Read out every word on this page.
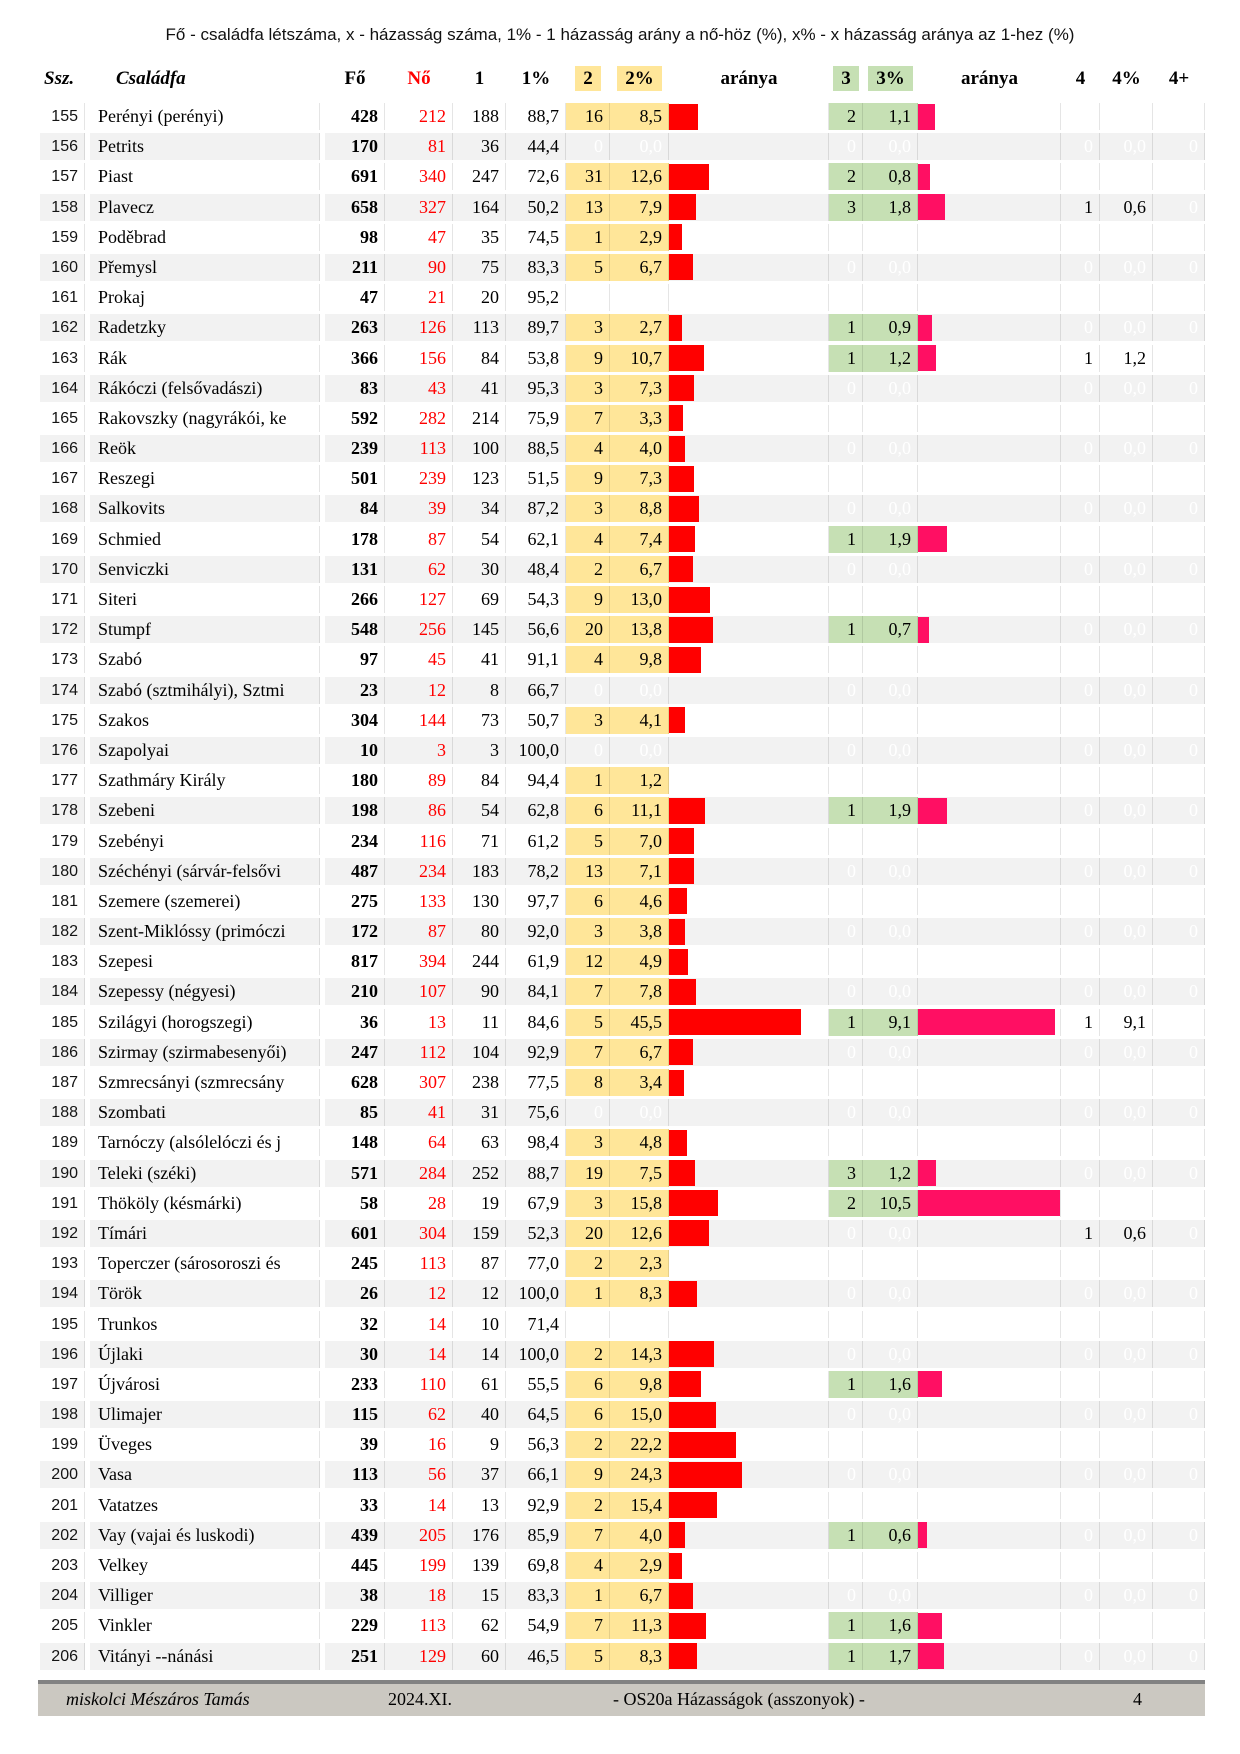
Fő - családfa létszáma, x - házasság száma, 1% - 1 házasság arány a nő-höz (%), x% - x házasság aránya az 1-hez (%)
Ssz.	Családfa	Fő	Nő	1	1%	2	2%	aránya	3	3%	aránya	4	4%	4+
155	Perényi (perényi)	428	212	188	88,7	16	8,5	2	1,1
156	Petrits	170	81	36	44,4	0	0,0	0	0,0	0	0,0	0
157	Piast	691	340	247	72,6	31	12,6	2	0,8
158	Plavecz	658	327	164	50,2	13	7,9	3	1,8	1	0,6	0
159	Poděbrad	98	47	35	74,5	1	2,9
160	Přemysl	211	90	75	83,3	5	6,7	0	0,0	0	0,0	0
161	Prokaj	47	21	20	95,2
162	Radetzky	263	126	113	89,7	3	2,7	1	0,9	0	0,0	0
163	Rák	366	156	84	53,8	9	10,7	1	1,2	1	1,2
164	Rákóczi (felsővadászi)	83	43	41	95,3	3	7,3	0	0,0	0	0,0	0
165	Rakovszky (nagyrákói, ke	592	282	214	75,9	7	3,3
166	Reök	239	113	100	88,5	4	4,0	0	0,0	0	0,0	0
167	Reszegi	501	239	123	51,5	9	7,3
168	Salkovits	84	39	34	87,2	3	8,8	0	0,0	0	0,0	0
169	Schmied	178	87	54	62,1	4	7,4	1	1,9
170	Senviczki	131	62	30	48,4	2	6,7	0	0,0	0	0,0	0
171	Siteri	266	127	69	54,3	9	13,0
172	Stumpf	548	256	145	56,6	20	13,8	1	0,7	0	0,0	0
173	Szabó	97	45	41	91,1	4	9,8
174	Szabó (sztmihályi), Sztmi	23	12	8	66,7	0	0,0	0	0,0	0	0,0	0
175	Szakos	304	144	73	50,7	3	4,1
176	Szapolyai	10	3	3	100,0	0	0,0	0	0,0	0	0,0	0
177	Szathmáry Király	180	89	84	94,4	1	1,2
178	Szebeni	198	86	54	62,8	6	11,1	1	1,9	0	0,0	0
179	Szebényi	234	116	71	61,2	5	7,0
180	Széchényi (sárvár-felsővi	487	234	183	78,2	13	7,1	0	0,0	0	0,0	0
181	Szemere (szemerei)	275	133	130	97,7	6	4,6
182	Szent-Miklóssy (primóczi	172	87	80	92,0	3	3,8	0	0,0	0	0,0	0
183	Szepesi	817	394	244	61,9	12	4,9
184	Szepessy (négyesi)	210	107	90	84,1	7	7,8	0	0,0	0	0,0	0
185	Szilágyi (horogszegi)	36	13	11	84,6	5	45,5	1	9,1	1	9,1
186	Szirmay (szirmabesenyői)	247	112	104	92,9	7	6,7	0	0,0	0	0,0	0
187	Szmrecsányi (szmrecsány	628	307	238	77,5	8	3,4
188	Szombati	85	41	31	75,6	0	0,0	0	0,0	0	0,0	0
189	Tarnóczy (alsólelóczi és j	148	64	63	98,4	3	4,8
190	Teleki (széki)	571	284	252	88,7	19	7,5	3	1,2	0	0,0	0
191	Thököly (késmárki)	58	28	19	67,9	3	15,8	2	10,5
192	Tímári	601	304	159	52,3	20	12,6	0	0,0	1	0,6	0
193	Toperczer (sárosoroszi és	245	113	87	77,0	2	2,3
194	Török	26	12	12	100,0	1	8,3	0	0,0	0	0,0	0
195	Trunkos	32	14	10	71,4
196	Újlaki	30	14	14	100,0	2	14,3	0	0,0	0	0,0	0
197	Újvárosi	233	110	61	55,5	6	9,8	1	1,6
198	Ulimajer	115	62	40	64,5	6	15,0	0	0,0	0	0,0	0
199	Üveges	39	16	9	56,3	2	22,2
200	Vasa	113	56	37	66,1	9	24,3	0	0,0	0	0,0	0
201	Vatatzes	33	14	13	92,9	2	15,4
202	Vay (vajai és luskodi)	439	205	176	85,9	7	4,0	1	0,6	0	0,0	0
203	Velkey	445	199	139	69,8	4	2,9
204	Villiger	38	18	15	83,3	1	6,7	0	0,0	0	0,0	0
205	Vinkler	229	113	62	54,9	7	11,3	1	1,6
206	Vitányi --nánási	251	129	60	46,5	5	8,3	1	1,7	0	0,0	0
miskolci Mészáros Tamás	2024.XI.	- OS20a Házasságok (asszonyok) -	4
